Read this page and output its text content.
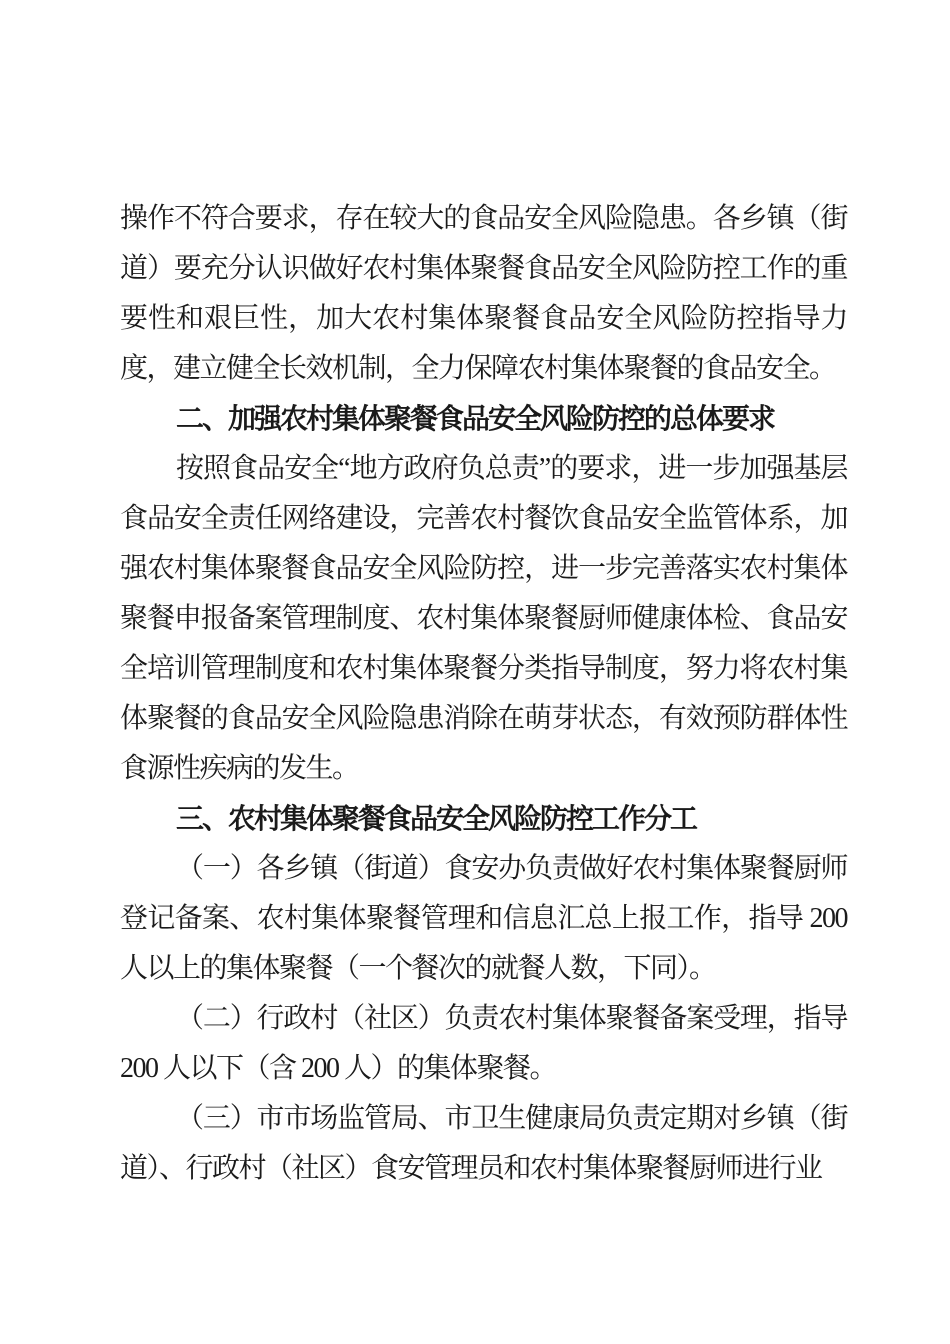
操作不符合要求，存在较大的食品安全风险隐患。各乡镇（街道）要充分认识做好农村集体聚餐食品安全风险防控工作的重要性和艰巨性，加大农村集体聚餐食品安全风险防控指导力度，建立健全长效机制，全力保障农村集体聚餐的食品安全。

二、加强农村集体聚餐食品安全风险防控的总体要求

按照食品安全“地方政府负总责”的要求，进一步加强基层食品安全责任网络建设，完善农村餐饮食品安全监管体系，加强农村集体聚餐食品安全风险防控，进一步完善落实农村集体聚餐申报备案管理制度、农村集体聚餐厨师健康体检、食品安全培训管理制度和农村集体聚餐分类指导制度，努力将农村集体聚餐的食品安全风险隐患消除在萌芽状态，有效预防群体性食源性疾病的发生。

三、农村集体聚餐食品安全风险防控工作分工

（一）各乡镇（街道）食安办负责做好农村集体聚餐厨师登记备案、农村集体聚餐管理和信息汇总上报工作，指导 200 人以上的集体聚餐（一个餐次的就餐人数，下同）。

（二）行政村（社区）负责农村集体聚餐备案受理，指导 200 人以下（含 200 人）的集体聚餐。

（三）市市场监管局、市卫生健康局负责定期对乡镇（街道）、行政村（社区）食安管理员和农村集体聚餐厨师进行业
